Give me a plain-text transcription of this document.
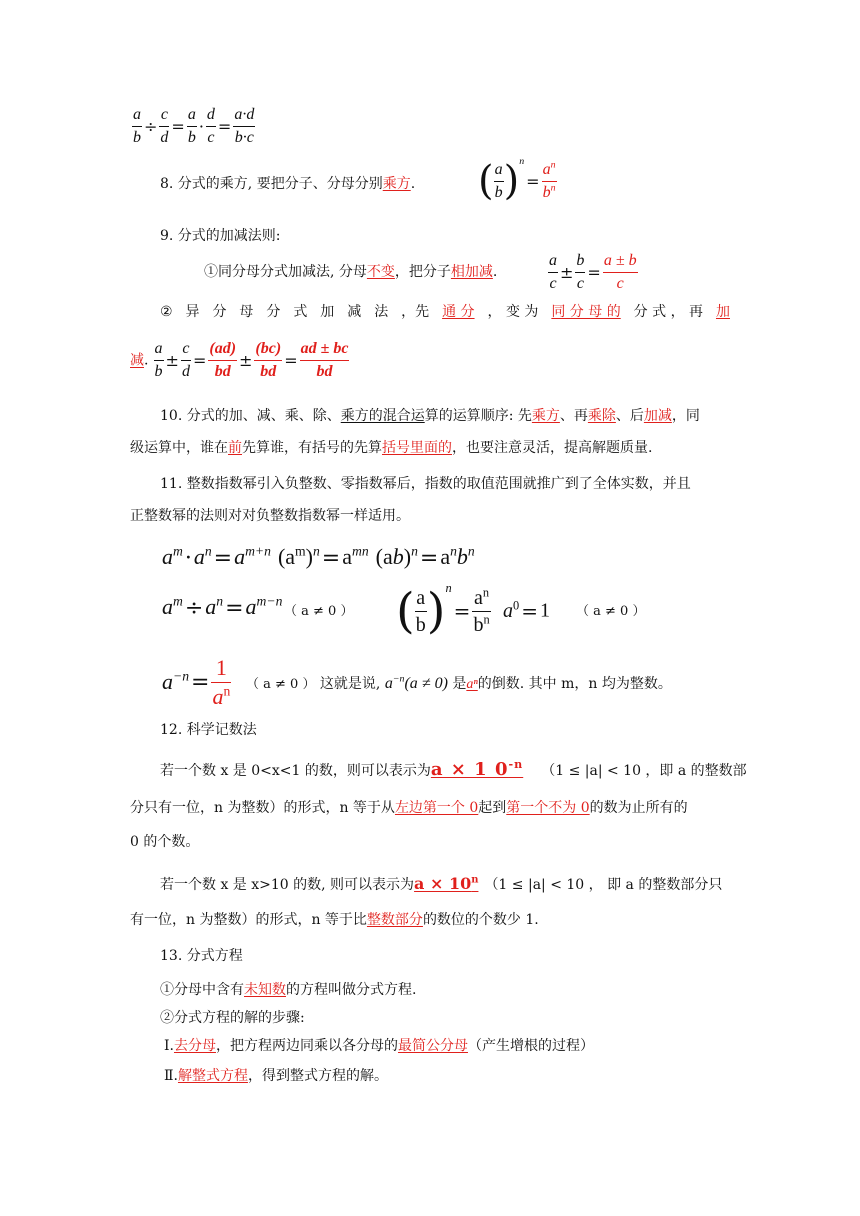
$\frac{a}{b} \div \frac{c}{d} = \frac{a}{b} \cdot \frac{d}{c} = \frac{a\cdot d}{b\cdot c}$
8. 分式的乘方, 要把分子、分母分别乘方. ( $\frac{a}{b} )^n= \frac{a^n}{b^n}$
9. 分式的加减法则:
①同分母分式加减法, 分母不变，把分子相加减.	$\frac{a}{c} \pm \frac{b}{c} = \frac{a \pm b}{c}$
② 异 分 母 分 式 加 减 法 ，先 通 分 ， 变 为 同 分 母 的 分 式 ， 再 加
减. $\frac{a}{b} \pm \frac{c}{d} = \frac{(ad)}{bd} \pm \frac{(bc)}{bd} = \frac{ad \pm bc}{bd}$
10. 分式的加、减、乘、除、乘方的混合运算的运算顺序: 先乘方、再乘除、后加减，同
级运算中，谁在前先算谁，有括号的先算括号里面的，也要注意灵活，提高解题质量.
11. 整数指数幂引入负整数、零指数幂后，指数的取值范围就推广到了全体实数，并且
正整数幂的法则对对负整数指数幂一样适用。
$a^m\cdot a^n=a^{m+n}$ $(a^m)^n=a^{mn}$ $(ab)^n=a^nb^n$
$a^m\div a^n=a^{m-n}$
（ a ≠ 0 ） ( $\frac{a}{b} )^n= \frac{a^n}{b^n} a^0 = 1$ （ a ≠ 0 ）
$a^{-n}= \frac{1}{a^n}$ （ a ≠ 0 ） 这就是说, $a^{-n}(a \ne 0)$ 是aⁿ的倒数. 其中 m，n 均为整数。
12. 科学记数法
若一个数 x 是 0<x<1 的数，则可以表示为a × 1 $0^{-n}$ （1 ≤ |a| < 10 ，即 a 的整数部
分只有一位，n 为整数）的形式，n 等于从左边第一个 0起到第一个不为 0的数为止所有的
0 的个数。
若一个数 x 是 x>10 的数, 则可以表示为$a \times 10^n$ （1 ≤ |a| < 10 ， 即 a 的整数部分只
有一位，n 为整数）的形式，n 等于比整数部分的数位的个数少 1.
13. 分式方程
①分母中含有未知数的方程叫做分式方程.
②分式方程的解的步骤:
Ⅰ.去分母，把方程两边同乘以各分母的最简公分母（产生增根的过程）
Ⅱ.解整式方程，得到整式方程的解。
